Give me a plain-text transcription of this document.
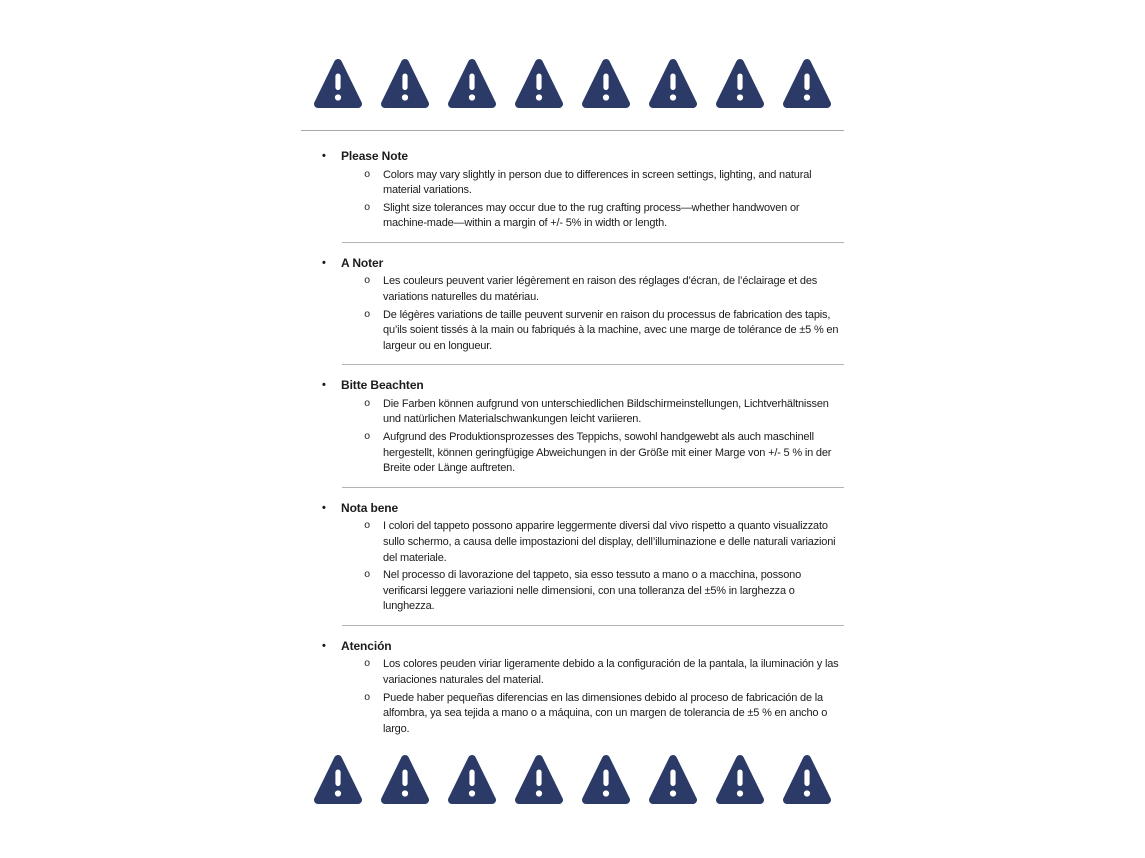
•	Please Note
o	Colors may vary slightly in person due to differences in screen settings, lighting, and natural material variations.

o	Slight size tolerances may occur due to the rug crafting process—whether handwoven or machine-made—within a margin of +/- 5% in width or length.

•	A Noter
o	Les couleurs peuvent varier légèrement en raison des réglages d’écran, de l’éclairage et des variations naturelles du matériau.

o	De légères variations de taille peuvent survenir en raison du processus de fabrication des tapis, qu’ils soient tissés à la main ou fabriqués à la machine, avec une marge de tolérance de ±5 % en largeur ou en longueur.

•	Bitte Beachten
o	Die Farben können aufgrund von unterschiedlichen Bildschirmeinstellungen, Lichtverhältnissen und natürlichen Materialschwankungen leicht variieren.

o	Aufgrund des Produktionsprozesses des Teppichs, sowohl handgewebt als auch maschinell hergestellt, können geringfügige Abweichungen in der Größe mit einer Marge von +/- 5 % in der Breite oder Länge auftreten.

•	Nota bene
o	I colori del tappeto possono apparire leggermente diversi dal vivo rispetto a quanto visualizzato sullo schermo, a causa delle impostazioni del display, dell’illuminazione e delle naturali variazioni del materiale.

o	Nel processo di lavorazione del tappeto, sia esso tessuto a mano o a macchina, possono verificarsi leggere variazioni nelle dimensioni, con una tolleranza del ±5% in larghezza o lunghezza.

•	Atención
o	Los colores peuden viriar ligeramente debido a la configuración de la pantala, la iluminación y las variaciones naturales del material.

o	Puede haber pequeñas diferencias en las dimensiones debido al proceso de fabricación de la alfombra, ya sea tejida a mano o a máquina, con un margen de tolerancia de ±5 % en ancho o largo.
